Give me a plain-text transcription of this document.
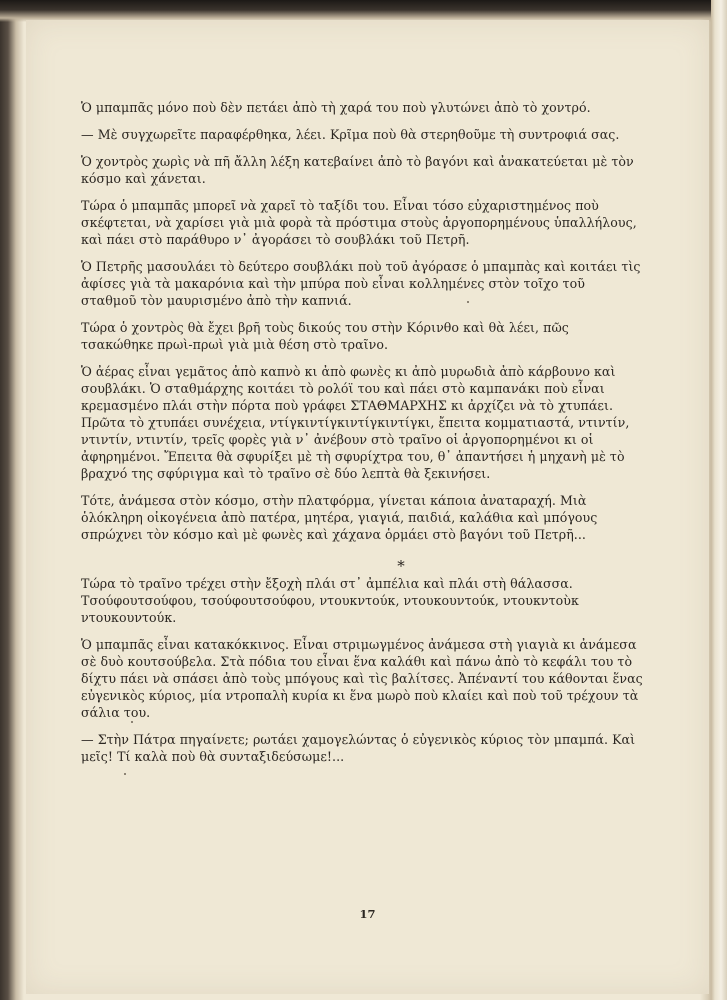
Ὁ μπαμπᾶς μόνο ποὺ δὲν πετάει ἀπὸ τὴ χαρά του ποὺ γλυτώνει ἀπὸ τὸ χοντρό.

— Μὲ συγχωρεῖτε παραφέρθηκα, λέει. Κρῖμα ποὺ θὰ στερηθοῦμε τὴ συντροφιά σας.

Ὁ χοντρὸς χωρὶς νὰ πῆ ἄλλη λέξη κατεβαίνει ἀπὸ τὸ βαγόνι καὶ ἀνακατεύεται μὲ τὸν
κόσμο καὶ χάνεται.

Τώρα ὁ μπαμπᾶς μπορεῖ νὰ χαρεῖ τὸ ταξίδι του. Εἶναι τόσο εὐχαριστημένος ποὺ
σκέφτεται, νὰ χαρίσει γιὰ μιὰ φορὰ τὰ πρόστιμα στοὺς ἀργοπορημένους ὑπαλλήλους,
καὶ πάει στὸ παράθυρο ν᾽ ἀγοράσει τὸ σουβλάκι τοῦ Πετρῆ.

Ὁ Πετρῆς μασουλάει τὸ δεύτερο σουβλάκι ποὺ τοῦ ἀγόρασε ὁ μπαμπὰς καὶ κοιτάει τὶς
ἀφίσες γιὰ τὰ μακαρόνια καὶ τὴν μπύρα ποὺ εἶναι κολλημένες στὸν τοῖχο τοῦ
σταθμοῦ τὸν μαυρισμένο ἀπὸ τὴν καπνιά.

Τώρα ὁ χοντρὸς θὰ ἔχει βρῆ τοὺς δικούς του στὴν Κόρινθο καὶ θὰ λέει, πῶς
τσακώθηκε πρωὶ-πρωὶ γιὰ μιὰ θέση στὸ τραῖνο.

Ὁ ἀέρας εἶναι γεμᾶτος ἀπὸ καπνὸ κι ἀπὸ φωνὲς κι ἀπὸ μυρωδιὰ ἀπὸ κάρβουνο καὶ
σουβλάκι. Ὁ σταθμάρχης κοιτάει τὸ ρολόϊ του καὶ πάει στὸ καμπανάκι ποὺ εἶναι
κρεμασμένο πλάι στὴν πόρτα ποὺ γράφει ΣΤΑΘΜΑΡΧΗΣ κι ἀρχίζει νὰ τὸ χτυπάει.
Πρῶτα τὸ χτυπάει συνέχεια, ντίγκιντίγκιντίγκιντίγκι, ἔπειτα κομματιαστά, ντιντίν,
ντιντίν, ντιντίν, τρεῖς φορὲς γιὰ ν᾽ ἀνέβουν στὸ τραῖνο οἱ ἀργοπορημένοι κι οἱ
ἀφηρημένοι. Ἔπειτα θὰ σφυρίξει μὲ τὴ σφυρίχτρα του, θ᾽ ἀπαντήσει ἡ μηχανὴ μὲ τὸ
βραχνό της σφύριγμα καὶ τὸ τραῖνο σὲ δύο λεπτὰ θὰ ξεκινήσει.

Τότε, ἀνάμεσα στὸν κόσμο, στὴν πλατφόρμα, γίνεται κάποια ἀναταραχή. Μιὰ
ὁλόκληρη οἰκογένεια ἀπὸ πατέρα, μητέρα, γιαγιά, παιδιά, καλάθια καὶ μπόγους
σπρώχνει τὸν κόσμο καὶ μὲ φωνὲς καὶ χάχανα ὁρμάει στὸ βαγόνι τοῦ Πετρῆ...

*

Τώρα τὸ τραῖνο τρέχει στὴν ἔξοχὴ πλάι στ᾽ ἀμπέλια καὶ πλάι στὴ θάλασσα.
Τσούφουτσούφου, τσούφουτσούφου, ντουκντούκ, ντουκουντούκ, ντουκντοὺκ
ντουκουντούκ.

Ὁ μπαμπᾶς εἶναι κατακόκκινος. Εἶναι στριμωγμένος ἀνάμεσα στὴ γιαγιὰ κι ἀνάμεσα
σὲ δυὸ κουτσούβελα. Στὰ πόδια του εἶναι ἕνα καλάθι καὶ πάνω ἀπὸ τὸ κεφάλι του τὸ
δίχτυ πάει νὰ σπάσει ἀπὸ τοὺς μπόγους καὶ τὶς βαλίτσες. Ἀπέναντί του κάθονται ἕνας
εὐγενικὸς κύριος, μία ντροπαλὴ κυρία κι ἕνα μωρὸ ποὺ κλαίει καὶ ποὺ τοῦ τρέχουν τὰ
σάλια του.

— Στὴν Πάτρα πηγαίνετε; ρωτάει χαμογελώντας ὁ εὐγενικὸς κύριος τὸν μπαμπά. Καὶ
μεῖς! Τί καλὰ ποὺ θὰ συνταξιδεύσωμε!...

17
